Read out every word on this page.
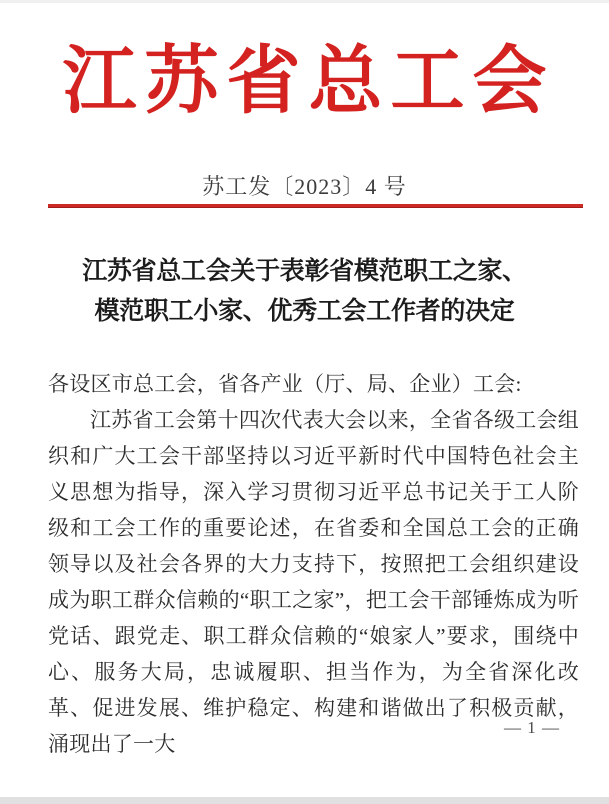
江苏省总工会
苏工发〔2023〕4 号
江苏省总工会关于表彰省模范职工之家、
模范职工小家、优秀工会工作者的决定
各设区市总工会，省各产业（厅、局、企业）工会:
江苏省工会第十四次代表大会以来，全省各级工会组织和广大工会干部坚持以习近平新时代中国特色社会主义思想为指导，深入学习贯彻习近平总书记关于工人阶级和工会工作的重要论述，在省委和全国总工会的正确领导以及社会各界的大力支持下，按照把工会组织建设成为职工群众信赖的“职工之家”，把工会干部锤炼成为听党话、跟党走、职工群众信赖的“娘家人”要求，围绕中心、服务大局，忠诚履职、担当作为，为全省深化改革、促进发展、维护稳定、构建和谐做出了积极贡献，涌现出了一大
— 1 —
